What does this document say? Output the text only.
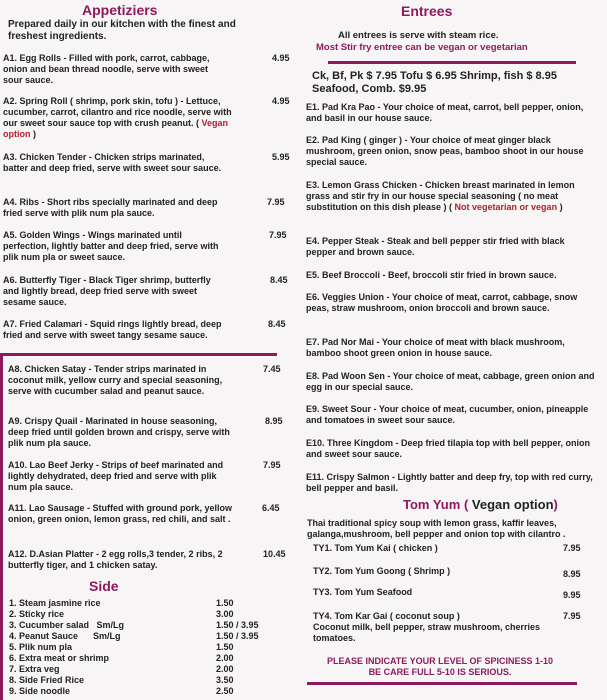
Appetiziers
Prepared daily in our kitchen with the finest and freshest ingredients.
A1. Egg Rolls - Filled with pork, carrot, cabbage, onion and bean thread noodle, serve with sweet sour sauce.
4.95
A2. Spring Roll ( shrimp, pork skin, tofu ) - Lettuce, cucumber, carrot, cilantro and rice noodle, serve with our sweet sour sauce top with crush peanut. ( Vegan option )
4.95
A3. Chicken Tender - Chicken strips marinated, batter and deep fried, serve with sweet sour sauce.
5.95
A4. Ribs - Short ribs specially marinated and deep fried serve with plik num pla sauce.
7.95
A5. Golden Wings - Wings marinated until perfection, lightly batter and deep fried, serve with plik num pla or sweet sauce.
7.95
A6. Butterfly Tiger - Black Tiger shrimp, butterfly and lightly bread, deep fried serve with sweet sesame sauce.
8.45
A7. Fried Calamari - Squid rings lightly bread, deep fried and serve with sweet tangy sesame sauce.
8.45
A8. Chicken Satay - Tender strips marinated in coconut milk, yellow curry and special seasoning, serve with cucumber salad and peanut sauce.
7.45
A9. Crispy Quail - Marinated in house seasoning, deep fried until golden brown and crispy, serve with plik num pla sauce.
8.95
A10. Lao Beef Jerky - Strips of beef marinated and lightly dehydrated, deep fried and serve with plik num pla sauce.
7.95
A11. Lao Sausage - Stuffed with ground pork, yellow onion, green onion, lemon grass, red chili, and salt .
6.45
A12. D.Asian Platter - 2 egg rolls,3 tender, 2 ribs, 2 butterfly tiger, and 1 chicken satay.
10.45
Side
1. Steam jasmine rice	1.50
2. Sticky rice	3.00
3. Cucumber salad   Sm/Lg	1.50 / 3.95
4. Peanut Sauce      Sm/Lg	1.50 / 3.95
5. Plik num pla	1.50
6. Extra meat or shrimp	2.00
7. Extra veg	2.00
8. Side Fried Rice	3.50
9. Side noodle	2.50
Entrees
All entrees is serve with steam rice.
Most Stir fry entree can be vegan or vegetarian
Ck, Bf, Pk $ 7.95 Tofu $ 6.95 Shrimp, fish $ 8.95 Seafood, Comb. $9.95
E1. Pad Kra Pao - Your choice of meat, carrot, bell pepper, onion, and basil in our house sauce.
E2. Pad King ( ginger ) - Your choice of meat ginger black mushroom, green onion, snow peas, bamboo shoot in our house special sauce.
E3. Lemon Grass Chicken - Chicken breast marinated in lemon grass and stir fry in our house special seasoning ( no meat substitution on this dish please ) ( Not vegetarian or vegan )
E4. Pepper Steak - Steak and bell pepper stir fried with black pepper and brown sauce.
E5. Beef Broccoli - Beef, broccoli stir fried in brown sauce.
E6. Veggies Union - Your choice of meat, carrot, cabbage, snow peas, straw mushroom, onion broccoli and brown sauce.
E7. Pad Nor Mai - Your choice of meat with black mushroom, bamboo shoot green onion in house sauce.
E8. Pad Woon Sen - Your choice of meat, cabbage, green onion and egg in our special sauce.
E9. Sweet Sour - Your choice of meat, cucumber, onion, pineapple and tomatoes in sweet sour sauce.
E10. Three Kingdom - Deep fried tilapia top with bell pepper, onion and sweet sour sauce.
E11. Crispy Salmon - Lightly batter and deep fry, top with red curry, bell pepper and basil.
Tom Yum ( Vegan option)
Thai traditional spicy soup with lemon grass, kaffir leaves, galanga,mushroom, bell pepper and onion top with cilantro .
TY1. Tom Yum Kai ( chicken )	7.95
TY2. Tom Yum Goong ( Shrimp )	8.95
TY3. Tom Yum Seafood	9.95
TY4. Tom Kar Gai ( coconut soup )	7.95
Coconut milk, bell pepper, straw mushroom, cherries tomatoes.
PLEASE INDICATE YOUR LEVEL OF SPICINESS 1-10
BE CARE FULL 5-10 IS SERIOUS.
